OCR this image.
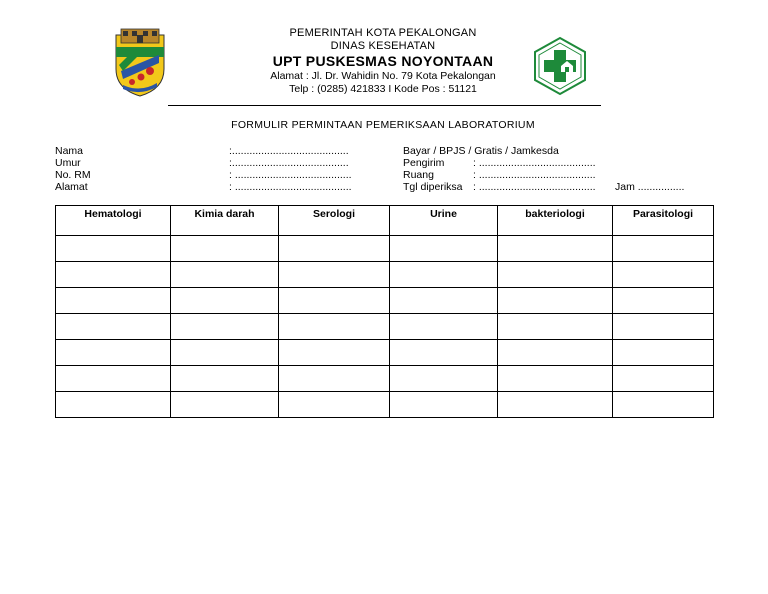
PEMERINTAH KOTA PEKALONGAN
DINAS KESEHATAN
UPT PUSKESMAS NOYONTAAN
Alamat : Jl. Dr. Wahidin No. 79 Kota Pekalongan
Telp : (0285) 421833 I Kode Pos : 51121
FORMULIR PERMINTAAN PEMERIKSAAN LABORATORIUM
Nama	:........................................
Umur	:........................................
No. RM	: ........................................
Alamat	: ........................................
Bayar / BPJS / Gratis / Jamkesda
Pengirim	: ........................................
Ruang	: ........................................
Tgl diperiksa : ........................................ Jam ................
Hematologi	Kimia darah	Serologi	Urine	bakteriologi	Parasitologi
